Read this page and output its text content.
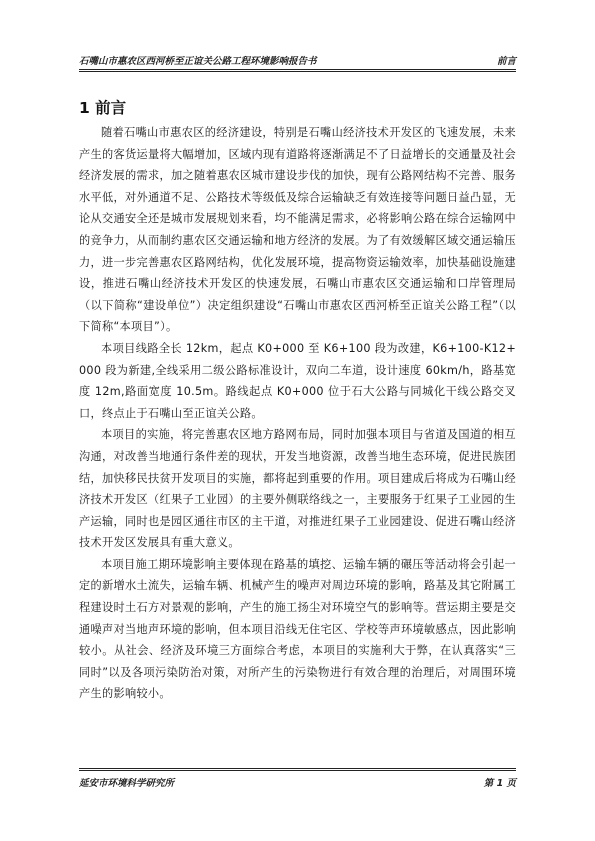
石嘴山市惠农区西河桥至正谊关公路工程环境影响报告书	前言
1 前言

随着石嘴山市惠农区的经济建设，特别是石嘴山经济技术开发区的飞速发展，未来产生的客货运量将大幅增加，区域内现有道路将逐渐满足不了日益增长的交通量及社会经济发展的需求，加之随着惠农区城市建设步伐的加快，现有公路网结构不完善、服务水平低，对外通道不足、公路技术等级低及综合运输缺乏有效连接等问题日益凸显，无论从交通安全还是城市发展规划来看，均不能满足需求，必将影响公路在综合运输网中的竞争力，从而制约惠农区交通运输和地方经济的发展。为了有效缓解区域交通运输压力，进一步完善惠农区路网结构，优化发展环境，提高物资运输效率，加快基础设施建设，推进石嘴山经济技术开发区的快速发展，石嘴山市惠农区交通运输和口岸管理局（以下简称“建设单位”）决定组织建设“石嘴山市惠农区西河桥至正谊关公路工程”（以下简称“本项目”）。

本项目线路全长 12km，起点 K0+000 至 K6+100 段为改建，K6+100-K12+000 段为新建,全线采用二级公路标准设计，双向二车道，设计速度 60km/h，路基宽度 12m,路面宽度 10.5m。路线起点 K0+000 位于石大公路与同城化干线公路交叉口，终点止于石嘴山至正谊关公路。

本项目的实施，将完善惠农区地方路网布局，同时加强本项目与省道及国道的相互沟通，对改善当地通行条件差的现状，开发当地资源，改善当地生态环境，促进民族团结，加快移民扶贫开发项目的实施，都将起到重要的作用。项目建成后将成为石嘴山经济技术开发区（红果子工业园）的主要外侧联络线之一，主要服务于红果子工业园的生产运输，同时也是园区通往市区的主干道，对推进红果子工业园建设、促进石嘴山经济技术开发区发展具有重大意义。

本项目施工期环境影响主要体现在路基的填挖、运输车辆的碾压等活动将会引起一定的新增水土流失，运输车辆、机械产生的噪声对周边环境的影响，路基及其它附属工程建设时土石方对景观的影响，产生的施工扬尘对环境空气的影响等。营运期主要是交通噪声对当地声环境的影响，但本项目沿线无住宅区、学校等声环境敏感点，因此影响较小。从社会、经济及环境三方面综合考虑，本项目的实施利大于弊，在认真落实“三同时”以及各项污染防治对策，对所产生的污染物进行有效合理的治理后，对周围环境产生的影响较小。

延安市环境科学研究所	第 1 页
